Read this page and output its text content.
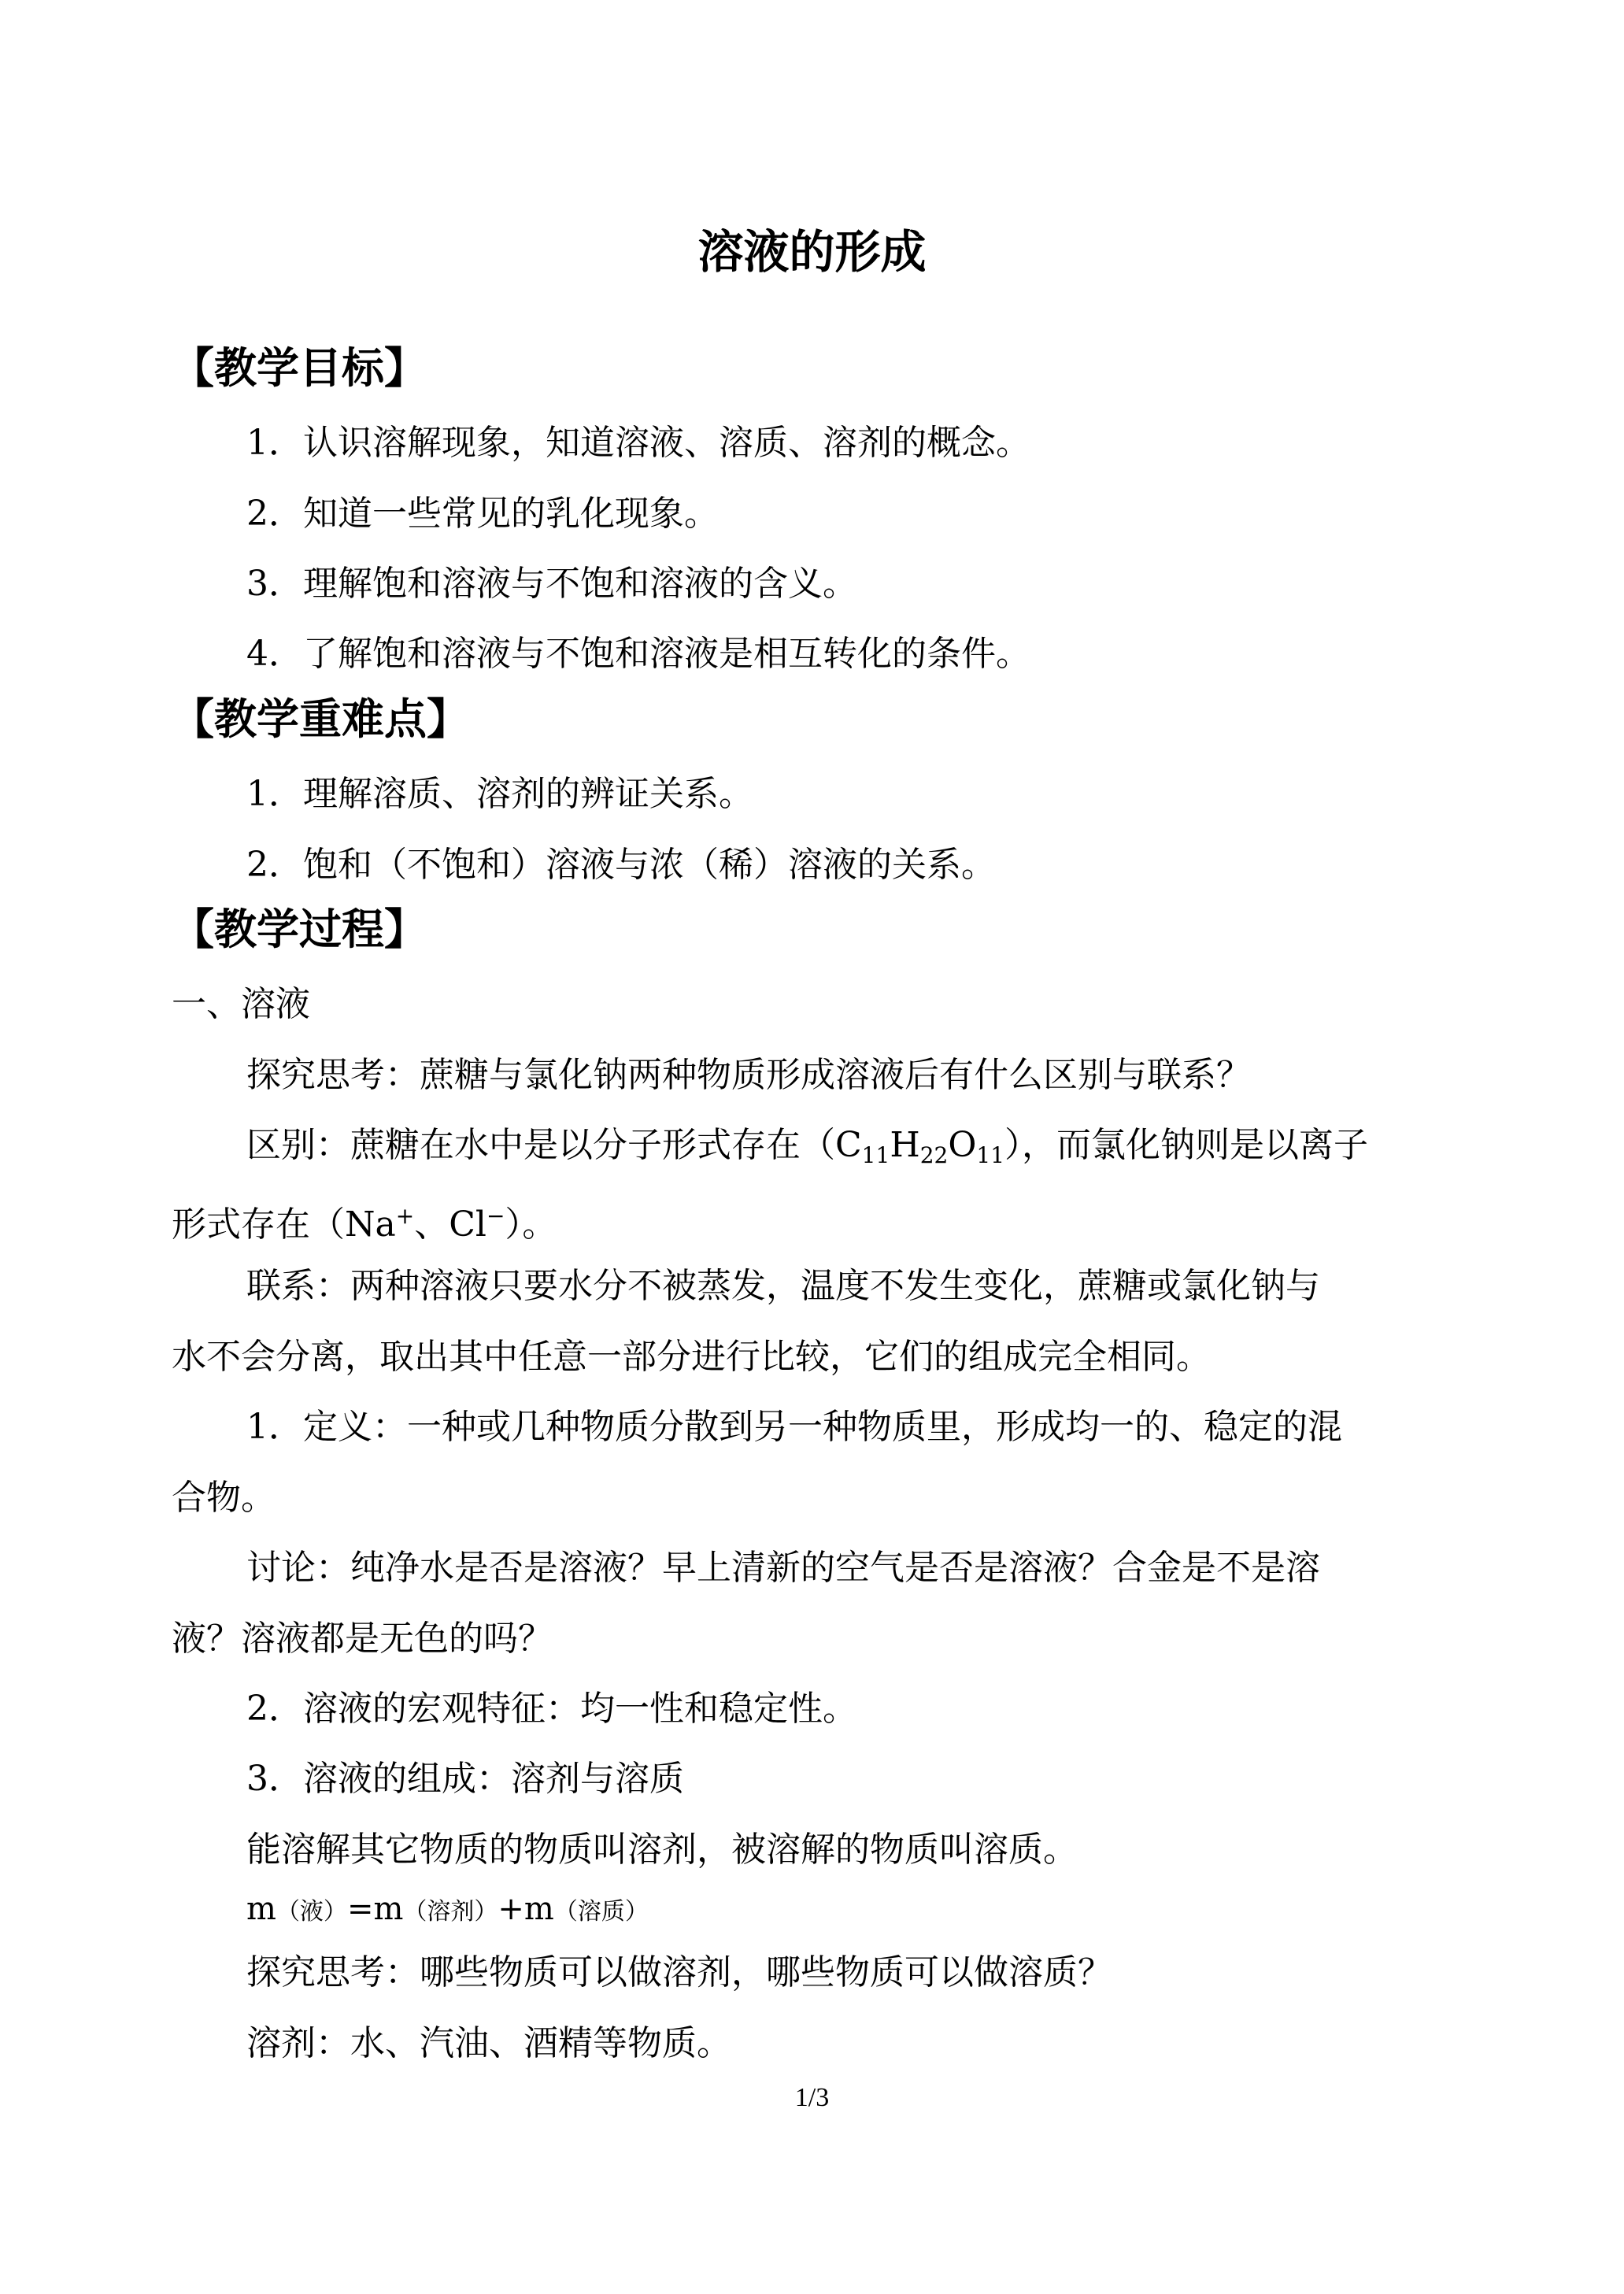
溶液的形成
【教学目标】
1．认识溶解现象，知道溶液、溶质、溶剂的概念。
2．知道一些常见的乳化现象。
3．理解饱和溶液与不饱和溶液的含义。
4．了解饱和溶液与不饱和溶液是相互转化的条件。
【教学重难点】
1．理解溶质、溶剂的辨证关系。
2．饱和（不饱和）溶液与浓（稀）溶液的关系。
【教学过程】
一、溶液
探究思考：蔗糖与氯化钠两种物质形成溶液后有什么区别与联系？
区别：蔗糖在水中是以分子形式存在$(C_{11}H_{22}O_{11})$，而氯化钠则是以离子
形式存在（Na+、Cl−）。
联系：两种溶液只要水分不被蒸发，温度不发生变化，蔗糖或氯化钠与
水不会分离，取出其中任意一部分进行比较，它们的组成完全相同。
1．定义：一种或几种物质分散到另一种物质里，形成均一的、稳定的混
合物。
讨论：纯净水是否是溶液？早上清新的空气是否是溶液？合金是不是溶
液？溶液都是无色的吗？
2．溶液的宏观特征：均一性和稳定性。
3．溶液的组成：溶剂与溶质
能溶解其它物质的物质叫溶剂，被溶解的物质叫溶质。
m（液）=m（溶剂）+m（溶质）
探究思考：哪些物质可以做溶剂，哪些物质可以做溶质？
溶剂：水、汽油、酒精等物质。
1/3
